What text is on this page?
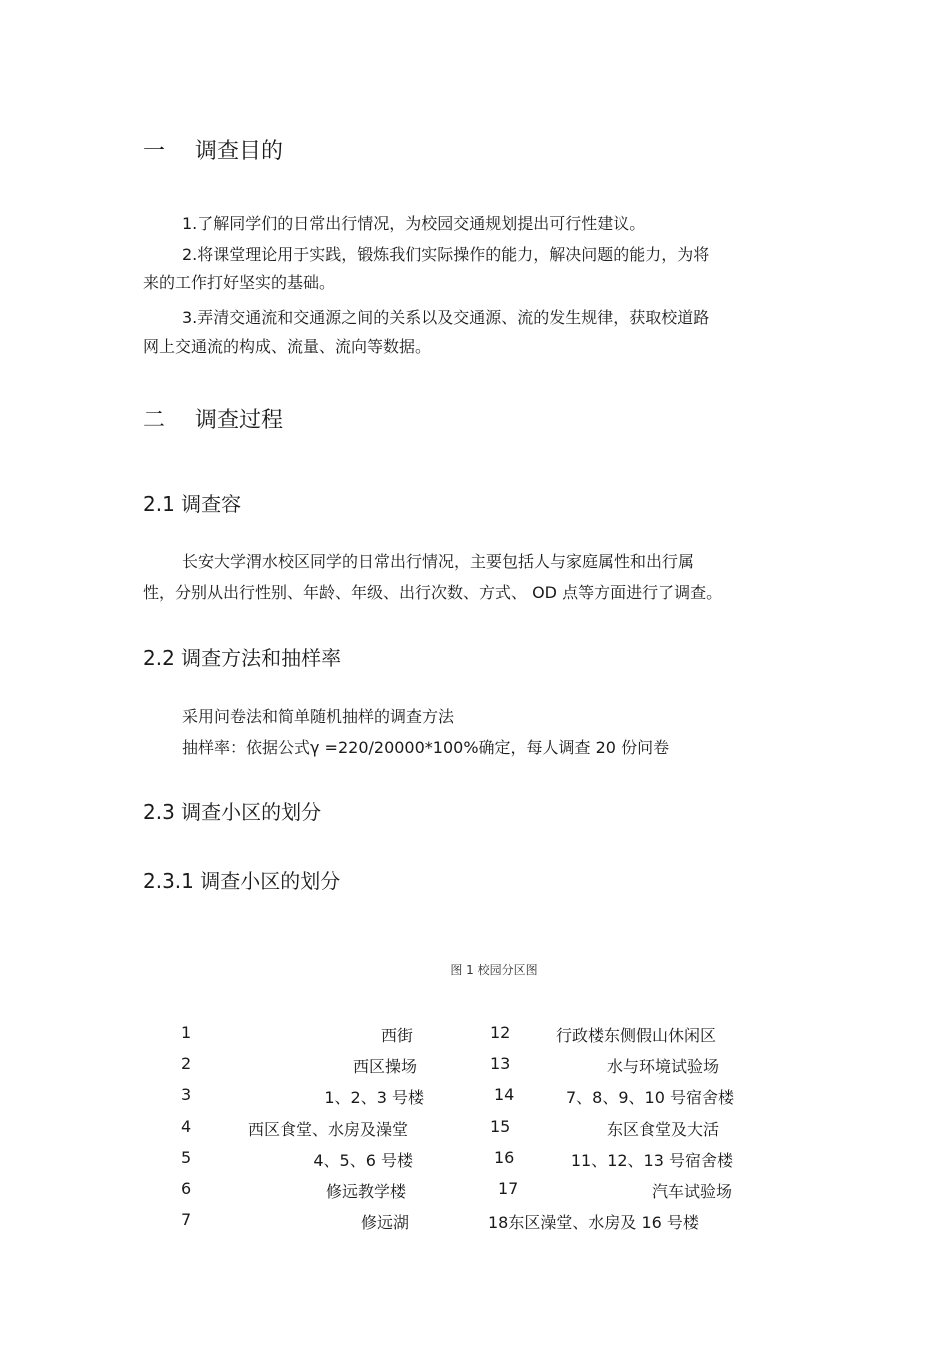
一 调查目的
1.了解同学们的日常出行情况，为校园交通规划提出可行性建议。
2.将课堂理论用于实践，锻炼我们实际操作的能力，解决问题的能力，为将
来的工作打好坚实的基础。
3.弄清交通流和交通源之间的关系以及交通源、流的发生规律，获取校道路
网上交通流的构成、流量、流向等数据。
二 调查过程
2.1 调查容
长安大学渭水校区同学的日常出行情况，主要包括人与家庭属性和出行属
性，分别从出行性别、年龄、年级、出行次数、方式、 OD 点等方面进行了调查。
2.2 调查方法和抽样率
采用问卷法和简单随机抽样的调查方法
抽样率：依据公式γ =220/20000*100%确定，每人调查 20 份问卷
2.3 调查小区的划分
2.3.1 调查小区的划分
图 1 校园分区图
1	西街	12	行政楼东侧假山休闲区
2	西区操场	13	水与环境试验场
3	1、2、3 号楼	14	7、8、9、10 号宿舍楼
4	西区食堂、水房及澡堂	15	东区食堂及大活
5	4、5、6 号楼	16	11、12、13 号宿舍楼
6	修远教学楼	17	汽车试验场
7	修远湖	18东区澡堂、水房及 16 号楼
